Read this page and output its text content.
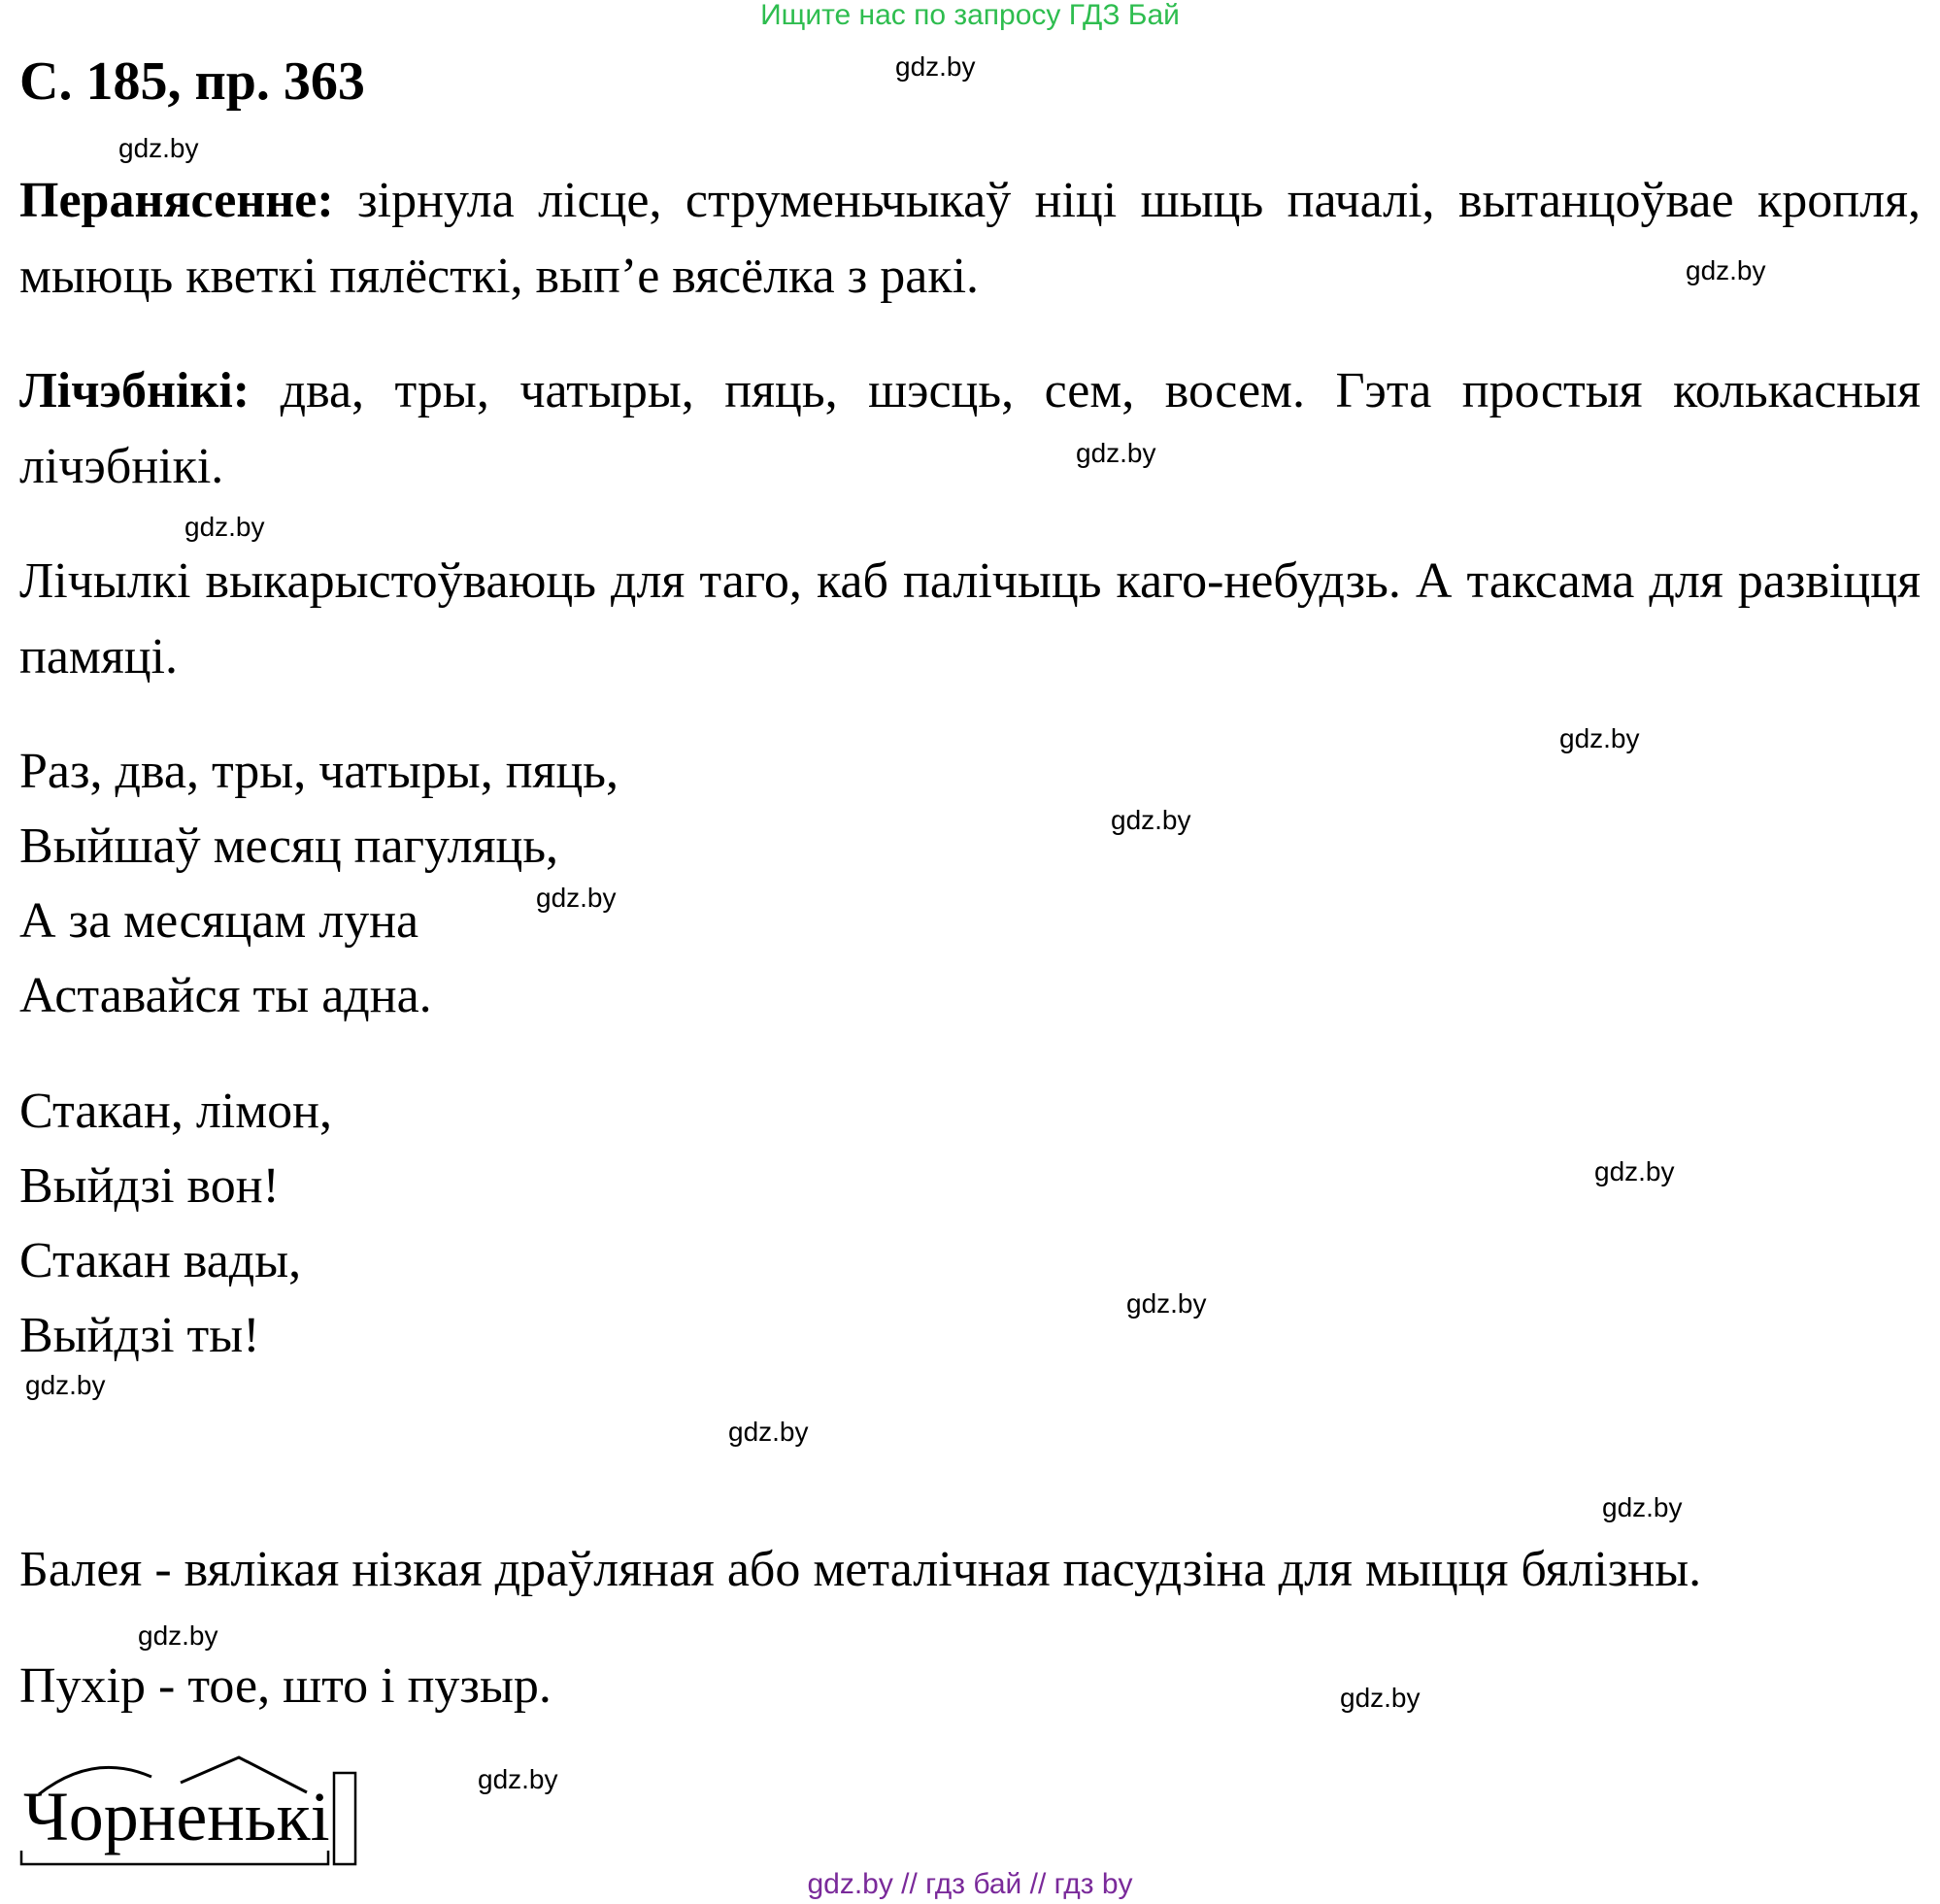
Ищите нас по запросу ГДЗ Бай
С. 185, пр. 363

Перанясенне: зірнула лісце, струменьчыкаў ніці шыць пачалі, вытанцоўвае кропля, мыюць кветкі пялёсткі, вып’е вясёлка з ракі.

Лічэбнікі: два, тры, чатыры, пяць, шэсць, сем, восем. Гэта простыя колькасныя лічэбнікі.

Лічылкі выкарыстоўваюць для таго, каб палічыць каго-небудзь. А таксама для развіцця памяці.

Раз, два, тры, чатыры, пяць,

Выйшаў месяц пагуляць,

А за месяцам луна

Аставайся ты адна.

Стакан, лімон,

Выйдзі вон!

Стакан вады,

Выйдзі ты!

Балея - вялікая нізкая драўляная або металічная пасудзіна для мыцця бялізны.

Пухір - тое, што і пузыр.

Чорненькі
gdz.by
gdz.by
gdz.by
gdz.by
gdz.by
gdz.by
gdz.by
gdz.by
gdz.by
gdz.by
gdz.by
gdz.by
gdz.by
gdz.by
gdz.by
gdz.by
gdz.by // гдз бай // гдз by
